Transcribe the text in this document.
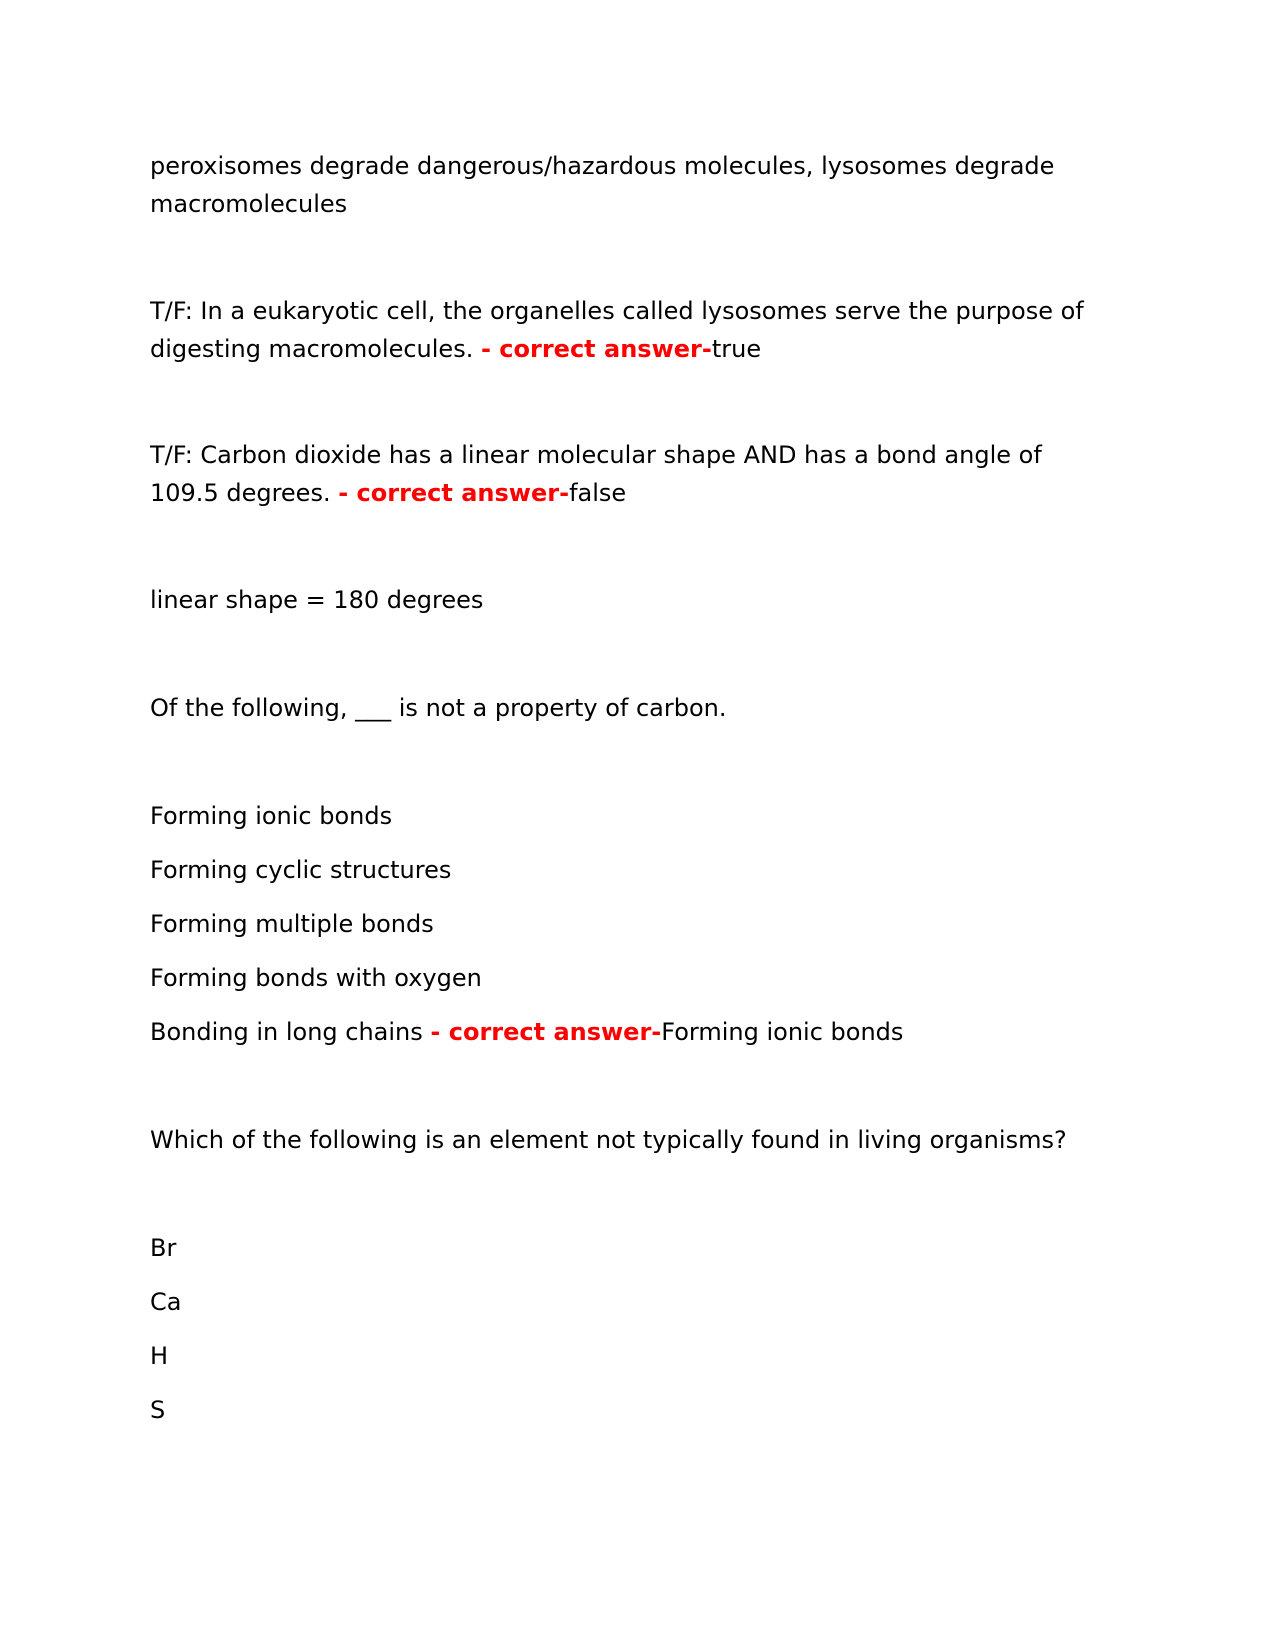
peroxisomes degrade dangerous/hazardous molecules, lysosomes degrade macromolecules

T/F: In a eukaryotic cell, the organelles called lysosomes serve the purpose of digesting macromolecules. - correct answer-true

T/F: Carbon dioxide has a linear molecular shape AND has a bond angle of 109.5 degrees. - correct answer-false

linear shape = 180 degrees

Of the following, ___ is not a property of carbon.

Forming ionic bonds

Forming cyclic structures

Forming multiple bonds

Forming bonds with oxygen

Bonding in long chains - correct answer-Forming ionic bonds

Which of the following is an element not typically found in living organisms?

Br

Ca

H

S
